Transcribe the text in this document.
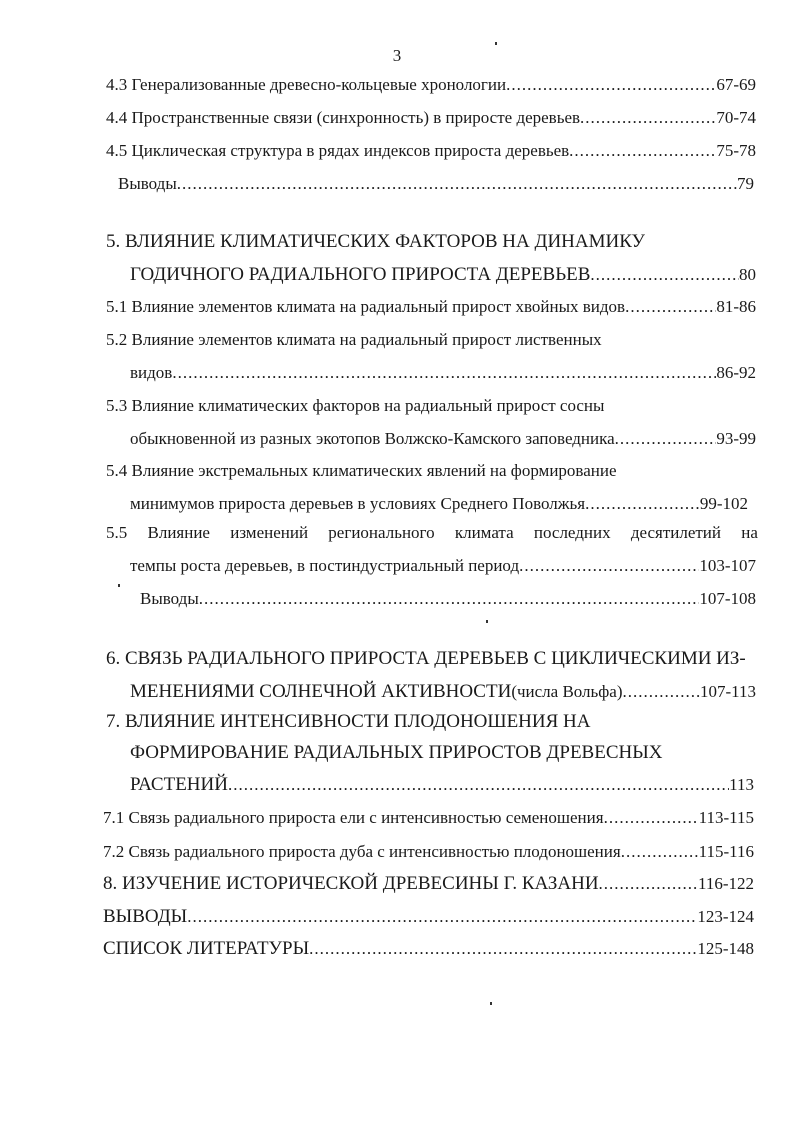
3
4.3 Генерализованные древесно-кольцевые хронологии .....	67-69
4.4 Пространственные связи (синхронность) в приросте деревьев .....	70-74
4.5 Циклическая структура в рядах индексов прироста деревьев .....	75-78
Выводы .....	79
5. ВЛИЯНИЕ КЛИМАТИЧЕСКИХ ФАКТОРОВ НА ДИНАМИКУ
ГОДИЧНОГО РАДИАЛЬНОГО ПРИРОСТА ДЕРЕВЬЕВ .....	80
5.1 Влияние элементов климата на радиальный прирост хвойных видов .....	81-86
5.2 Влияние элементов климата на радиальный прирост лиственных
видов .....	86-92
5.3 Влияние климатических факторов на радиальный прирост сосны
обыкновенной из разных экотопов Волжско-Камского заповедника .....	93-99
5.4 Влияние экстремальных климатических явлений на формирование
минимумов прироста деревьев в условиях Среднего Поволжья .....	99-102
5.5 Влияние изменений регионального климата последних десятилетий на
темпы роста деревьев, в постиндустриальный период .....	103-107
Выводы .....	107-108
6. СВЯЗЬ РАДИАЛЬНОГО ПРИРОСТА ДЕРЕВЬЕВ С ЦИКЛИЧЕСКИМИ ИЗ-
МЕНЕНИЯМИ СОЛНЕЧНОЙ АКТИВНОСТИ (числа Вольфа) .....	107-113
7. ВЛИЯНИЕ ИНТЕНСИВНОСТИ ПЛОДОНОШЕНИЯ НА
ФОРМИРОВАНИЕ РАДИАЛЬНЫХ ПРИРОСТОВ ДРЕВЕСНЫХ
РАСТЕНИЙ .....	113
7.1 Связь радиального прироста ели с интенсивностью семеношения .....	113-115
7.2 Связь радиального прироста дуба с интенсивностью плодоношения .....	115-116
8. ИЗУЧЕНИЕ ИСТОРИЧЕСКОЙ ДРЕВЕСИНЫ Г. КАЗАНИ .....	116-122
ВЫВОДЫ .....	123-124
СПИСОК ЛИТЕРАТУРЫ .....	125-148
